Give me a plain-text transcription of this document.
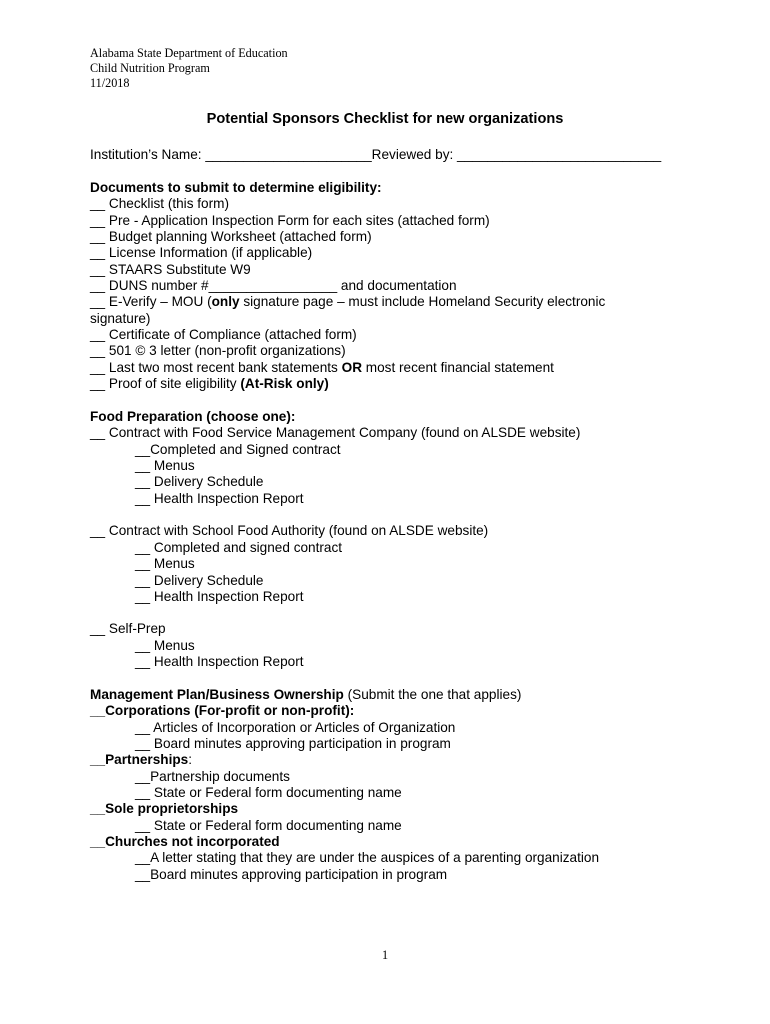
Alabama State Department of Education
Child Nutrition Program
11/2018
Potential Sponsors Checklist for new organizations
Institution’s Name: ______________________Reviewed by: ___________________________
Documents to submit to determine eligibility:
__ Checklist (this form)
__ Pre - Application Inspection Form for each sites (attached form)
__ Budget planning Worksheet (attached form)
__ License Information (if applicable)
__ STAARS Substitute W9
__ DUNS number #_________________ and documentation
__ E-Verify – MOU (only signature page – must include Homeland Security electronic
signature)
__ Certificate of Compliance (attached form)
__ 501 © 3 letter (non-profit organizations)
__ Last two most recent bank statements OR most recent financial statement
__ Proof of site eligibility (At-Risk only)
Food Preparation (choose one):
__ Contract with Food Service Management Company (found on ALSDE website)
__Completed and Signed contract
__ Menus
__ Delivery Schedule
__ Health Inspection Report
__ Contract with School Food Authority (found on ALSDE website)
__ Completed and signed contract
__ Menus
__ Delivery Schedule
__ Health Inspection Report
__ Self-Prep
__ Menus
__ Health Inspection Report
Management Plan/Business Ownership (Submit the one that applies)
__Corporations (For-profit or non-profit):
__ Articles of Incorporation or Articles of Organization
__ Board minutes approving participation in program
__Partnerships:
__Partnership documents
__ State or Federal form documenting name
__Sole proprietorships
__ State or Federal form documenting name
__Churches not incorporated
__A letter stating that they are under the auspices of a parenting organization
__Board minutes approving participation in program
1
